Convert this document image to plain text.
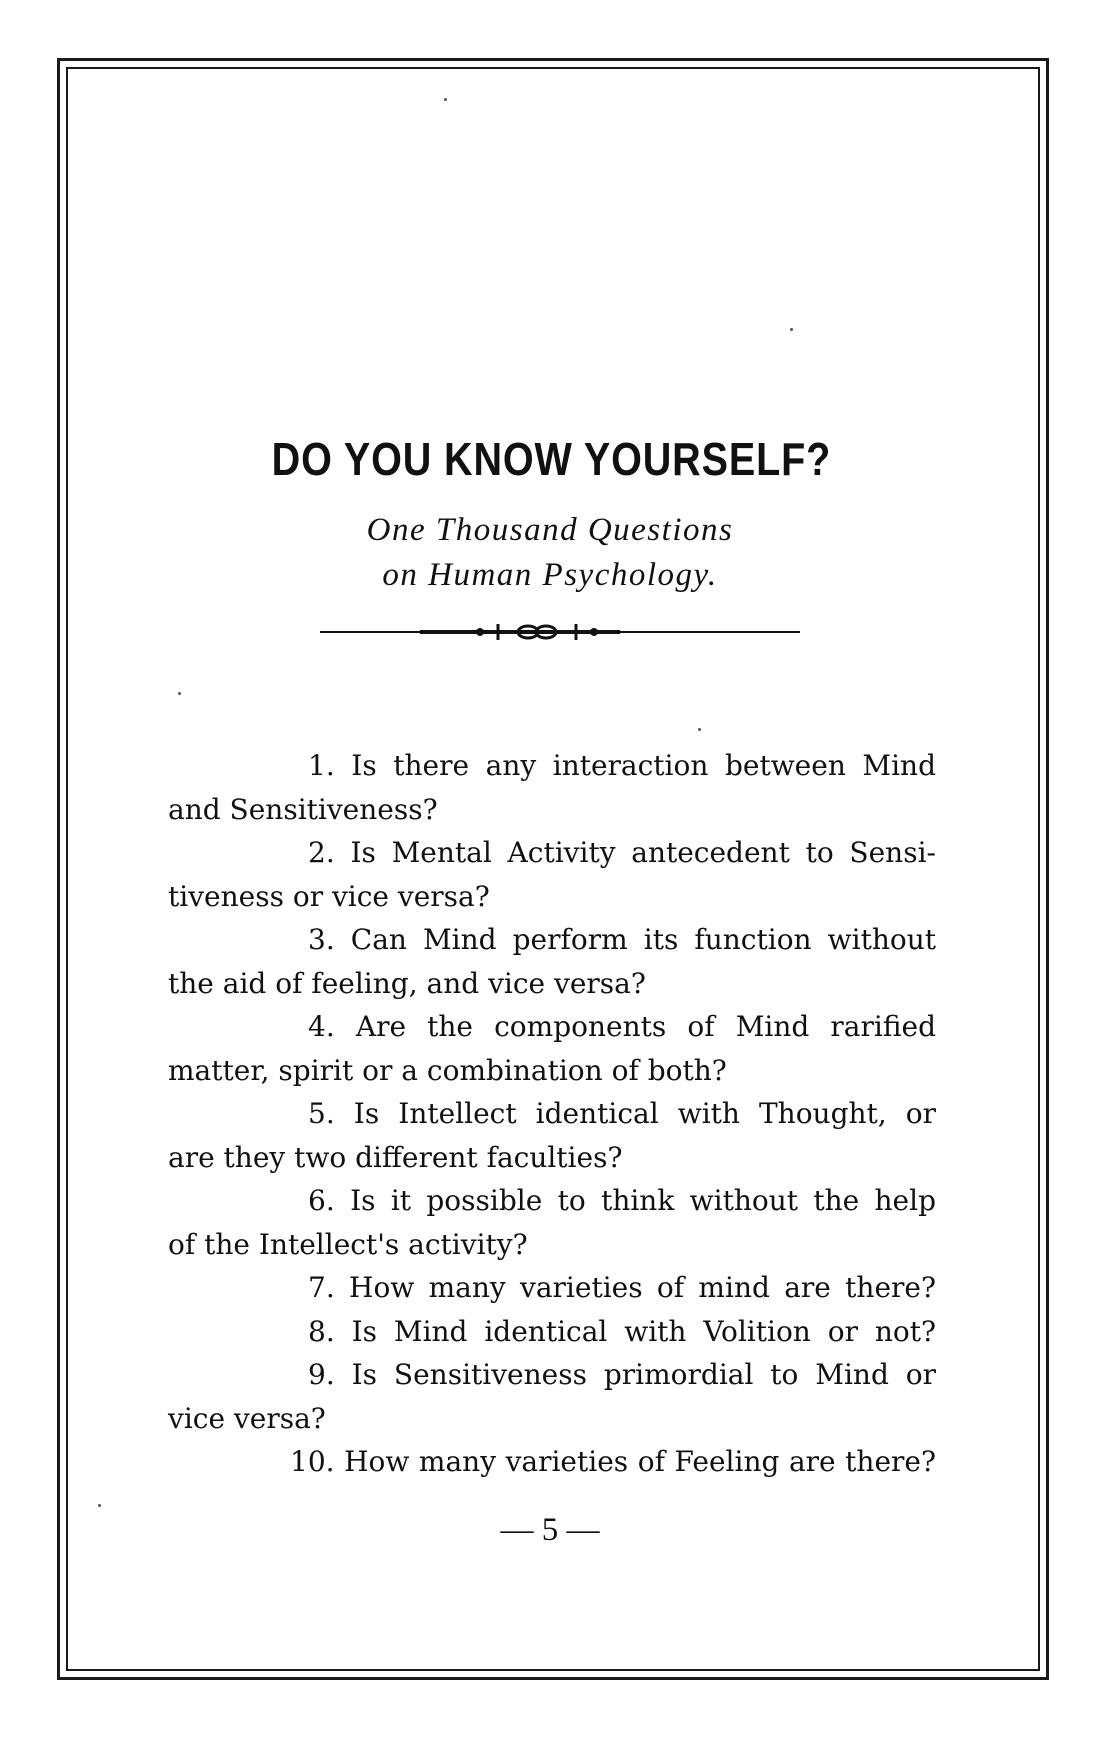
DO YOU KNOW YOURSELF?

One Thousand Questions

on Human Psychology.

1. Is there any interaction between Mind

and Sensitiveness?

2. Is Mental Activity antecedent to Sensi-

tiveness or vice versa?

3. Can Mind perform its function without

the aid of feeling, and vice versa?

4. Are the components of Mind rarified

matter, spirit or a combination of both?

5. Is Intellect identical with Thought, or

are they two different faculties?

6. Is it possible to think without the help

of the Intellect's activity?

7. How many varieties of mind are there?

8. Is Mind identical with Volition or not?

9. Is Sensitiveness primordial to Mind or

vice versa?

10. How many varieties of Feeling are there?

— 5 —
